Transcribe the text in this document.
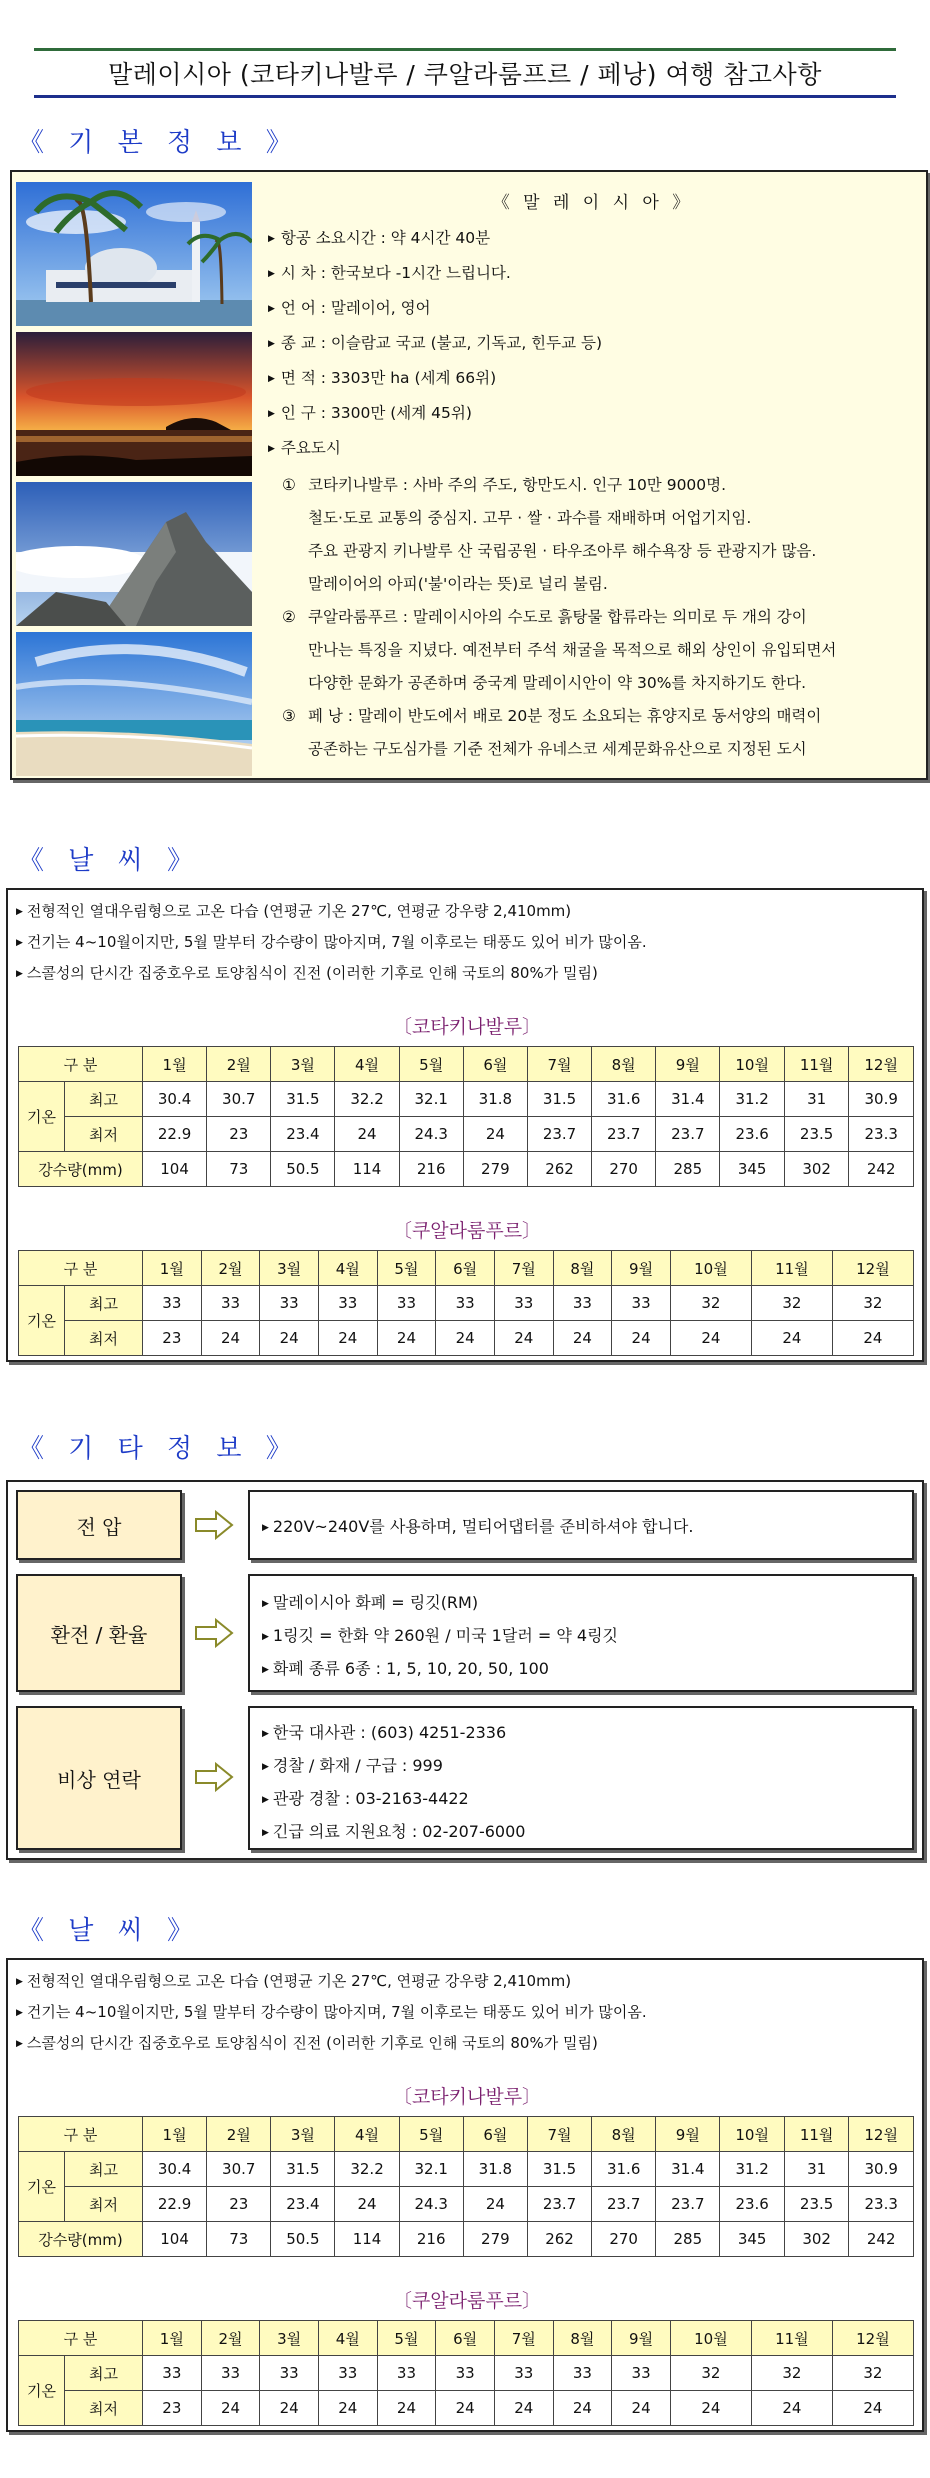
말레이시아 (코타키나발루 / 쿠알라룸프르 / 페낭) 여행 참고사항
《 기 본 정 보 》
《 말 레 이 시 아 》
▶ 항공 소요시간 : 약 4시간 40분
▶ 시 차 : 한국보다 -1시간 느립니다.
▶ 언 어 : 말레이어, 영어
▶ 종 교 : 이슬람교 국교 (불교, 기독교, 힌두교 등)
▶ 면 적 : 3303만 ha (세계 66위)
▶ 인 구 : 3300만 (세계 45위)
▶ 주요도시
① 코타키나발루 : 사바 주의 주도, 항만도시. 인구 10만 9000명.
철도·도로 교통의 중심지. 고무 · 쌀 · 과수를 재배하며 어업기지임.
주요 관광지 키나발루 산 국립공원 · 타우조아루 해수욕장 등 관광지가 많음.
말레이어의 아피('불'이라는 뜻)로 널리 불림.
② 쿠알라룸푸르 : 말레이시아의 수도로 흙탕물 합류라는 의미로 두 개의 강이
만나는 특징을 지녔다. 예전부터 주석 채굴을 목적으로 해외 상인이 유입되면서
다양한 문화가 공존하며 중국계 말레이시안이 약 30%를 차지하기도 한다.
③ 페 낭 : 말레이 반도에서 배로 20분 정도 소요되는 휴양지로 동서양의 매력이
공존하는 구도심가를 기준 전체가 유네스코 세계문화유산으로 지정된 도시
《 날 씨 》
▶ 전형적인 열대우림형으로 고온 다습 (연평균 기온 27℃, 연평균 강우량 2,410mm)
▶ 건기는 4~10월이지만, 5월 말부터 강수량이 많아지며, 7월 이후로는 태풍도 있어 비가 많이옴.
▶ 스콜성의 단시간 집중호우로 토양침식이 진전 (이러한 기후로 인해 국토의 80%가 밀림)
〔코타키나발루〕
구 분		1월	2월	3월	4월	5월	6월	7월	8월	9월	10월	11월	12월
기온	최고	30.4	30.7	31.5	32.2	32.1	31.8	31.5	31.6	31.4	31.2	31	30.9
	최저	22.9	23	23.4	24	24.3	24	23.7	23.7	23.7	23.6	23.5	23.3
강수량(mm)		104	73	50.5	114	216	279	262	270	285	345	302	242
〔쿠알라룸푸르〕
구 분		1월	2월	3월	4월	5월	6월	7월	8월	9월	10월	11월	12월
기온	최고	33	33	33	33	33	33	33	33	33	32	32	32
	최저	23	24	24	24	24	24	24	24	24	24	24	24
《 기 타 정 보 》
전 압	▶ 220V~240V를 사용하며, 멀티어댑터를 준비하셔야 합니다.
환전 / 환율
▶ 말레이시아 화폐 = 링깃(RM)
▶ 1링깃 = 한화 약 260원 / 미국 1달러 = 약 4링깃
▶ 화폐 종류 6종 : 1, 5, 10, 20, 50, 100
비상 연락
▶ 한국 대사관 : (603) 4251-2336
▶ 경찰 / 화재 / 구급 : 999
▶ 관광 경찰 : 03-2163-4422
▶ 긴급 의료 지원요청 : 02-207-6000
《 날 씨 》
▶ 전형적인 열대우림형으로 고온 다습 (연평균 기온 27℃, 연평균 강우량 2,410mm)
▶ 건기는 4~10월이지만, 5월 말부터 강수량이 많아지며, 7월 이후로는 태풍도 있어 비가 많이옴.
▶ 스콜성의 단시간 집중호우로 토양침식이 진전 (이러한 기후로 인해 국토의 80%가 밀림)
〔코타키나발루〕
구 분		1월	2월	3월	4월	5월	6월	7월	8월	9월	10월	11월	12월
기온	최고	30.4	30.7	31.5	32.2	32.1	31.8	31.5	31.6	31.4	31.2	31	30.9
	최저	22.9	23	23.4	24	24.3	24	23.7	23.7	23.7	23.6	23.5	23.3
강수량(mm)		104	73	50.5	114	216	279	262	270	285	345	302	242
〔쿠알라룸푸르〕
구 분		1월	2월	3월	4월	5월	6월	7월	8월	9월	10월	11월	12월
기온	최고	33	33	33	33	33	33	33	33	33	32	32	32
	최저	23	24	24	24	24	24	24	24	24	24	24	24
